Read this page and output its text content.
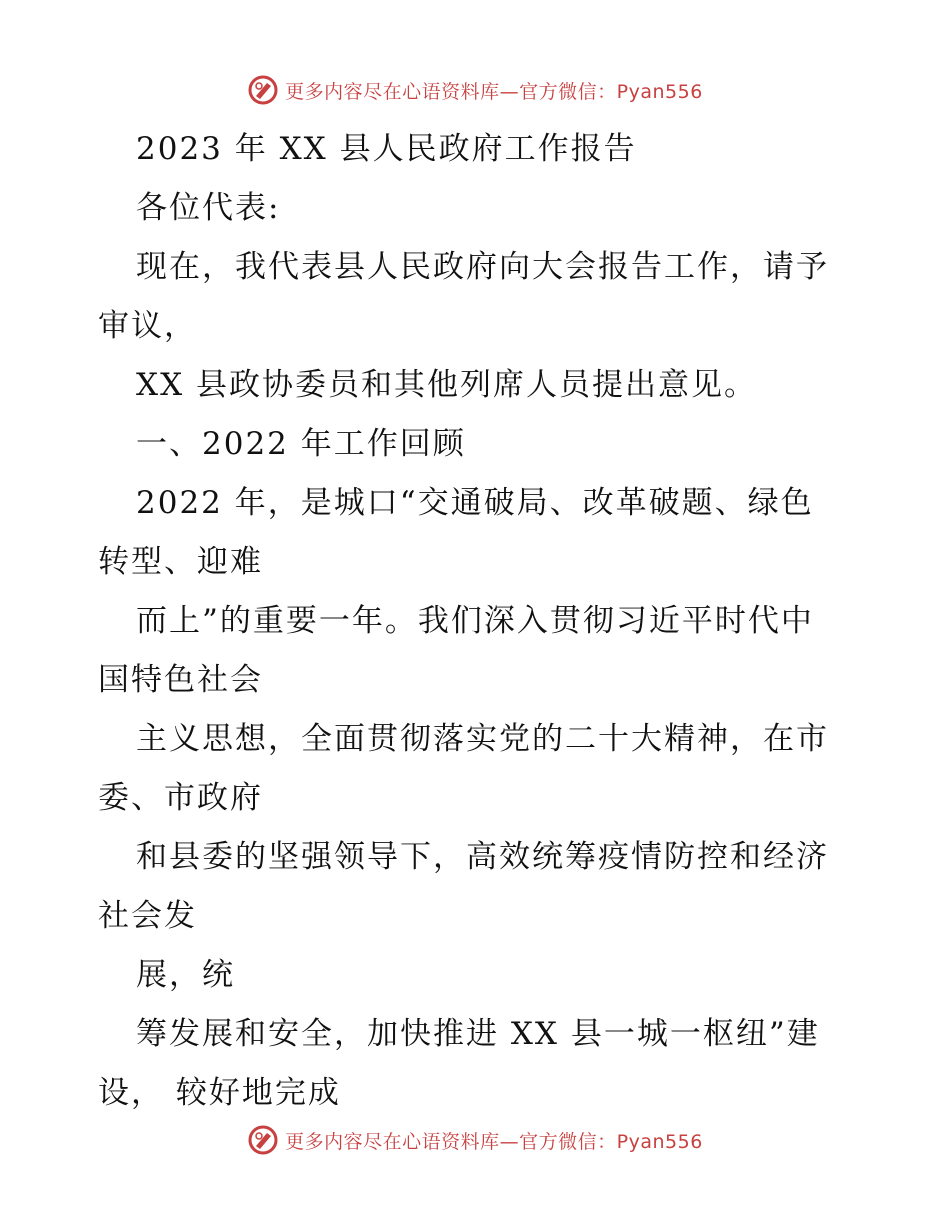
更多内容尽在心语资料库—官方微信：Pyan556
2023 年 XX 县人民政府工作报告
各位代表:
现在，我代表县人民政府向大会报告工作，请予
审议，
XX 县政协委员和其他列席人员提出意见。
一、2022 年工作回顾
2022 年，是城口“交通破局、改革破题、绿色
转型、迎难
而上”的重要一年。我们深入贯彻习近平时代中
国特色社会
主义思想，全面贯彻落实党的二十大精神，在市
委、市政府
和县委的坚强领导下，高效统筹疫情防控和经济
社会发
展，统
筹发展和安全，加快推进 XX 县一城一枢纽”建
设， 较好地完成
更多内容尽在心语资料库—官方微信：Pyan556
